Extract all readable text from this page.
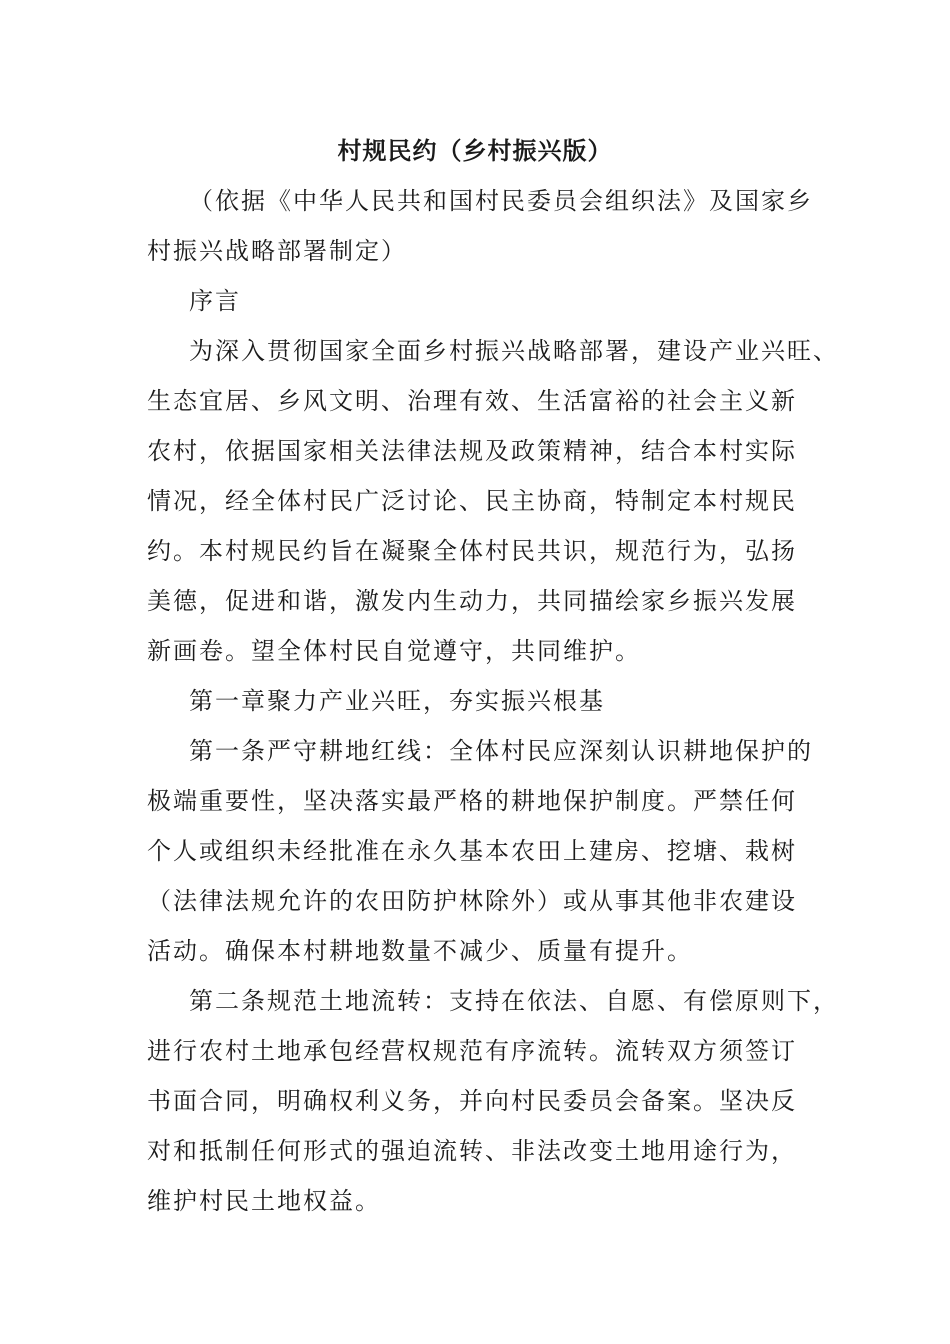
村规民约（乡村振兴版）
（依据《中华人民共和国村民委员会组织法》及国家乡
村振兴战略部署制定）
序言
为深入贯彻国家全面乡村振兴战略部署，建设产业兴旺、
生态宜居、乡风文明、治理有效、生活富裕的社会主义新
农村，依据国家相关法律法规及政策精神，结合本村实际
情况，经全体村民广泛讨论、民主协商，特制定本村规民
约。本村规民约旨在凝聚全体村民共识，规范行为，弘扬
美德，促进和谐，激发内生动力，共同描绘家乡振兴发展
新画卷。望全体村民自觉遵守，共同维护。
第一章聚力产业兴旺，夯实振兴根基
第一条严守耕地红线：全体村民应深刻认识耕地保护的
极端重要性，坚决落实最严格的耕地保护制度。严禁任何
个人或组织未经批准在永久基本农田上建房、挖塘、栽树
（法律法规允许的农田防护林除外）或从事其他非农建设
活动。确保本村耕地数量不减少、质量有提升。
第二条规范土地流转：支持在依法、自愿、有偿原则下，
进行农村土地承包经营权规范有序流转。流转双方须签订
书面合同，明确权利义务，并向村民委员会备案。坚决反
对和抵制任何形式的强迫流转、非法改变土地用途行为，
维护村民土地权益。
